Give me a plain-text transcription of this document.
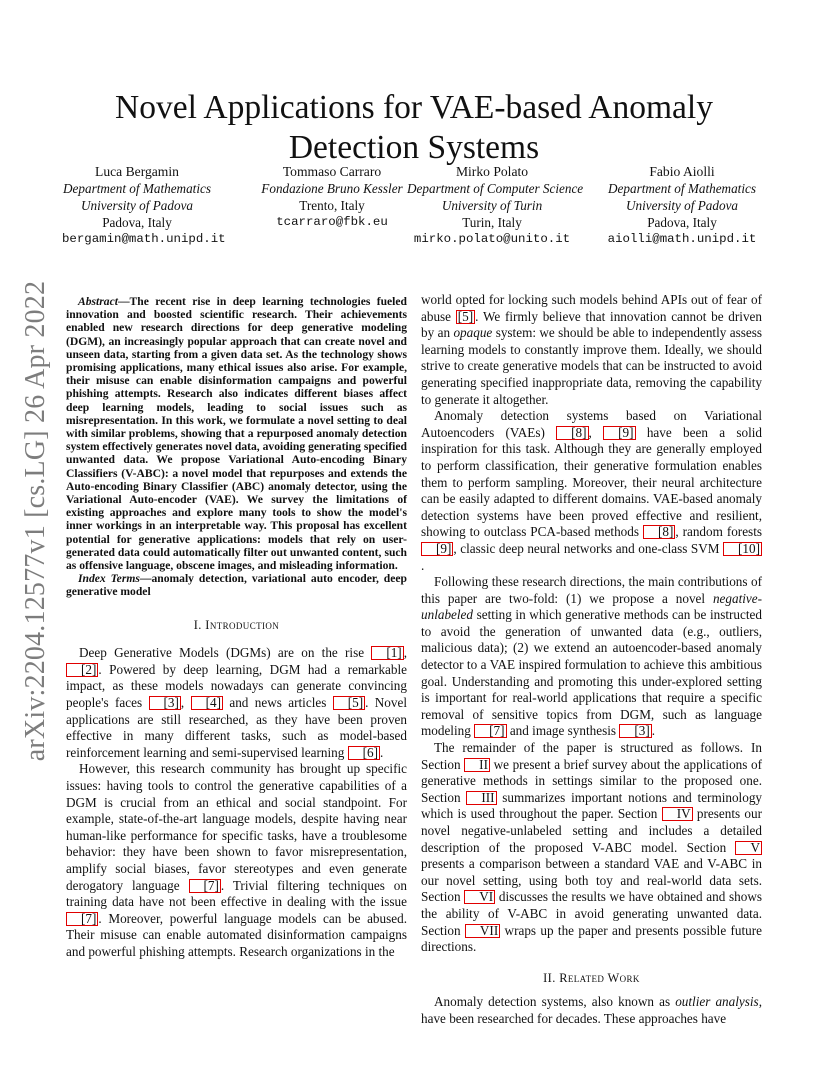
Novel Applications for VAE-based Anomaly Detection Systems
Luca Bergamin
Department of Mathematics
University of Padova
Padova, Italy
bergamin@math.unipd.it
Tommaso Carraro
Fondazione Bruno Kessler
Trento, Italy
tcarraro@fbk.eu
Mirko Polato
Department of Computer Science
University of Turin
Turin, Italy
mirko.polato@unito.it
Fabio Aiolli
Department of Mathematics
University of Padova
Padova, Italy
aiolli@math.unipd.it
arXiv:2204.12577v1 [cs.LG] 26 Apr 2022	Abstract—The recent rise in deep learning technologies fueled innovation and boosted scientific research. Their achievements enabled new research directions for deep generative modeling (DGM), an increasingly popular approach that can create novel and unseen data, starting from a given data set. As the technology shows promising applications, many ethical issues also arise. For example, their misuse can enable disinformation campaigns and powerful phishing attempts. Research also indicates different biases affect deep learning models, leading to social issues such as misrepresentation. In this work, we formulate a novel setting to deal with similar problems, showing that a repurposed anomaly detection system effectively generates novel data, avoiding generating specified unwanted data. We propose Variational Auto-encoding Binary Classifiers (V-ABC): a novel model that repurposes and extends the Auto-encoding Binary Classifier (ABC) anomaly detector, using the Variational Auto-encoder (VAE). We survey the limitations of existing approaches and explore many tools to show the model's inner workings in an interpretable way. This proposal has excellent potential for generative applications: models that rely on user-generated data could automatically filter out unwanted content, such as offensive language, obscene images, and misleading information.

Index Terms—anomaly detection, variational auto encoder, deep generative model

I. Introduction

Deep Generative Models (DGMs) are on the rise [1] , [2] . Powered by deep learning, DGM had a remarkable impact, as these models nowadays can generate convincing people's faces [3] , [4] and news articles [5] . Novel applications are still researched, as they have been proven effective in many different tasks, such as model-based reinforcement learning and semi-supervised learning [6] .

However, this research community has brought up specific issues: having tools to control the generative capabilities of a DGM is crucial from an ethical and social standpoint. For example, state-of-the-art language models, despite having near human-like performance for specific tasks, have a troublesome behavior: they have been shown to favor misrepresentation, amplify social biases, favor stereotypes and even generate derogatory language [7] . Trivial filtering techniques on training data have not been effective in dealing with the issue [7] . Moreover, powerful language models can be abused. Their misuse can enable automated disinformation campaigns and powerful phishing attempts. Research organizations in the

world opted for locking such models behind APIs out of fear of abuse [5] . We firmly believe that innovation cannot be driven by an opaque system: we should be able to independently assess learning models to constantly improve them. Ideally, we should strive to create generative models that can be instructed to avoid generating specified inappropriate data, removing the capability to generate it altogether.

Anomaly detection systems based on Variational Autoencoders (VAEs) [8] , [9] have been a solid inspiration for this task. Although they are generally employed to perform classification, their generative formulation enables them to perform sampling. Moreover, their neural architecture can be easily adapted to different domains. VAE-based anomaly detection systems have been proved effective and resilient, showing to outclass PCA-based methods [8] , random forests [9] , classic deep neural networks and one-class SVM [10].

Following these research directions, the main contributions of this paper are two-fold: (1) we propose a novel negative-unlabeled setting in which generative methods can be instructed to avoid the generation of unwanted data (e.g., outliers, malicious data); (2) we extend an autoencoder-based anomaly detector to a VAE inspired formulation to achieve this ambitious goal. Understanding and promoting this under-explored setting is important for real-world applications that require a specific removal of sensitive topics from DGM, such as language modeling [7] and image synthesis [3] .

The remainder of the paper is structured as follows. In Section II we present a brief survey about the applications of generative methods in settings similar to the proposed one. Section III summarizes important notions and terminology which is used throughout the paper. Section IV presents our novel negative-unlabeled setting and includes a detailed description of the proposed V-ABC model. Section V presents a comparison between a standard VAE and V-ABC in our novel setting, using both toy and real-world data sets. Section VI discusses the results we have obtained and shows the ability of V-ABC in avoid generating unwanted data. Section VII wraps up the paper and presents possible future directions.

II. Related Work

Anomaly detection systems, also known as outlier analysis, have been researched for decades. These approaches have
